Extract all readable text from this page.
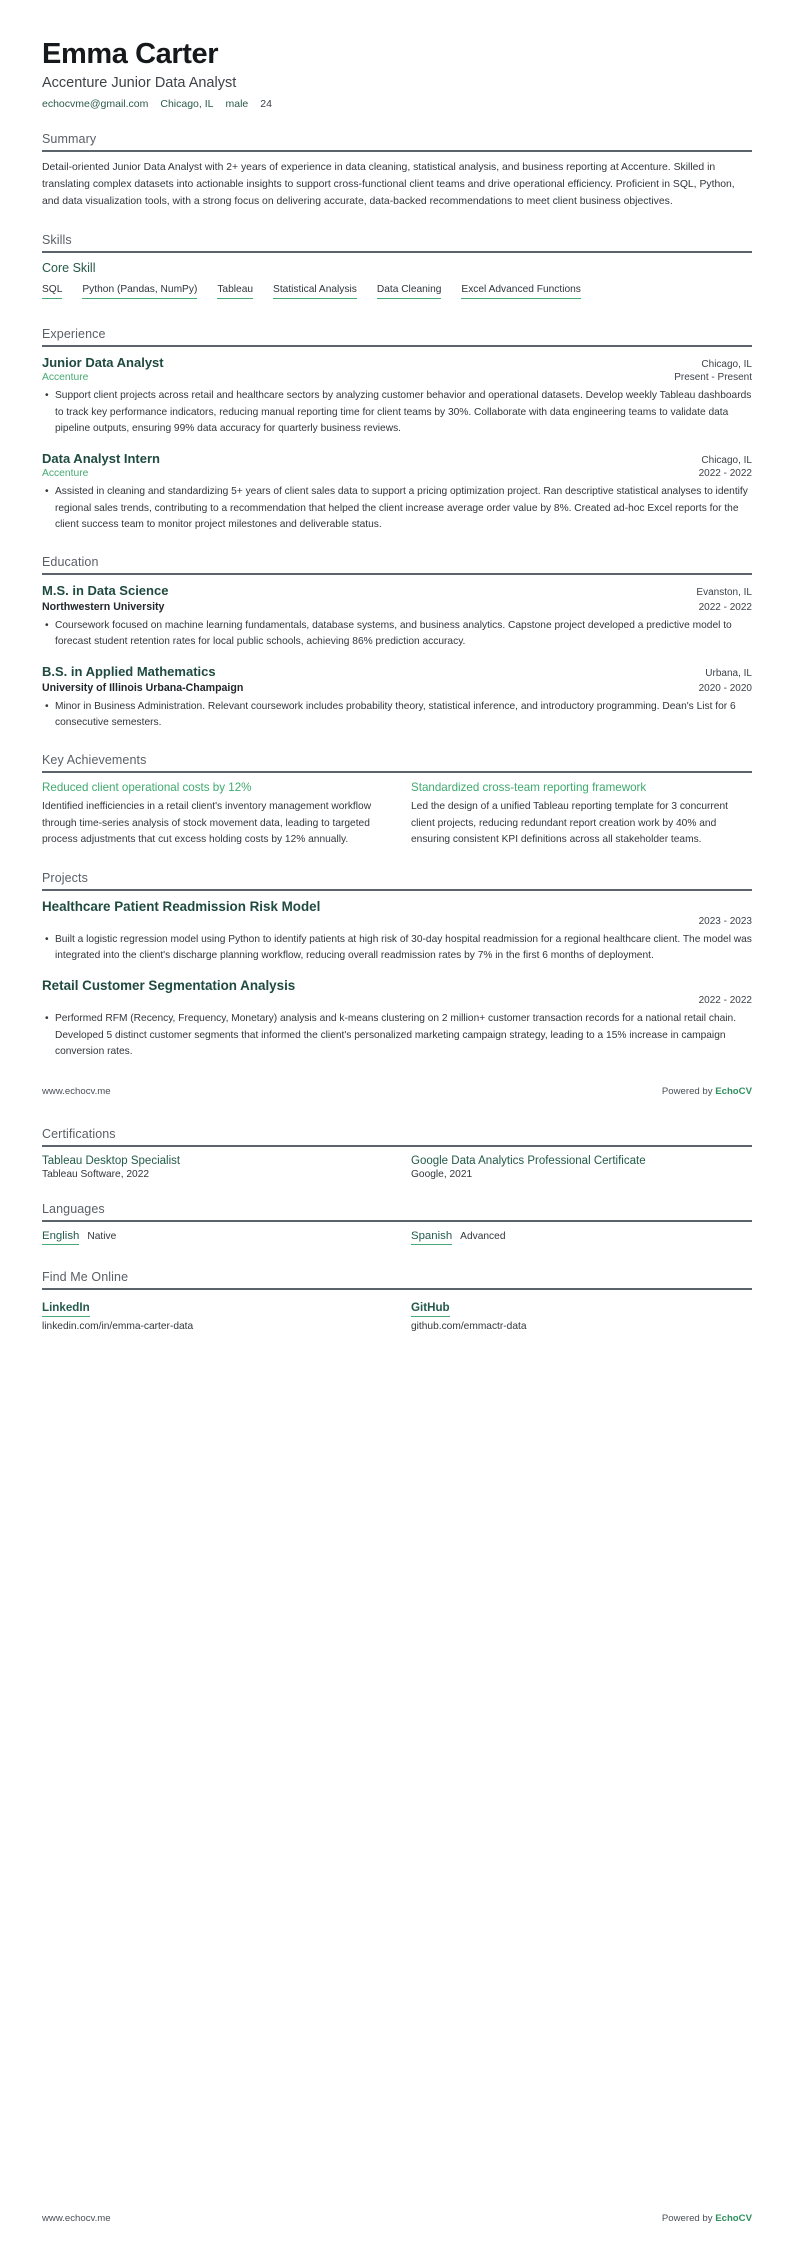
Emma Carter
Accenture Junior Data Analyst
echocvme@gmail.com Chicago, IL male 24
Summary

Detail-oriented Junior Data Analyst with 2+ years of experience in data cleaning, statistical analysis, and business reporting at Accenture. Skilled in translating complex datasets into actionable insights to support cross-functional client teams and drive operational efficiency. Proficient in SQL, Python, and data visualization tools, with a strong focus on delivering accurate, data-backed recommendations to meet client business objectives.

Skills
Core Skill
SQL Python (Pandas, NumPy) Tableau Statistical Analysis Data Cleaning Excel Advanced Functions
Experience
Junior Data Analyst	Chicago, IL
Accenture	Present - Present
• Support client projects across retail and healthcare sectors by analyzing customer behavior and operational datasets. Develop weekly Tableau dashboards to track key performance indicators, reducing manual reporting time for client teams by 30%. Collaborate with data engineering teams to validate data pipeline outputs, ensuring 99% data accuracy for quarterly business reviews.
Data Analyst Intern	Chicago, IL
Accenture	2022 - 2022
• Assisted in cleaning and standardizing 5+ years of client sales data to support a pricing optimization project. Ran descriptive statistical analyses to identify regional sales trends, contributing to a recommendation that helped the client increase average order value by 8%. Created ad-hoc Excel reports for the client success team to monitor project milestones and deliverable status.
Education
M.S. in Data Science	Evanston, IL
Northwestern University	2022 - 2022
• Coursework focused on machine learning fundamentals, database systems, and business analytics. Capstone project developed a predictive model to forecast student retention rates for local public schools, achieving 86% prediction accuracy.
B.S. in Applied Mathematics	Urbana, IL
University of Illinois Urbana-Champaign	2020 - 2020
• Minor in Business Administration. Relevant coursework includes probability theory, statistical inference, and introductory programming. Dean's List for 6 consecutive semesters.
Key Achievements
Reduced client operational costs by 12%
Identified inefficiencies in a retail client's inventory management workflow through time-series analysis of stock movement data, leading to targeted process adjustments that cut excess holding costs by 12% annually.
Standardized cross-team reporting framework
Led the design of a unified Tableau reporting template for 3 concurrent client projects, reducing redundant report creation work by 40% and ensuring consistent KPI definitions across all stakeholder teams.
Projects
Healthcare Patient Readmission Risk Model
2023 - 2023
• Built a logistic regression model using Python to identify patients at high risk of 30-day hospital readmission for a regional healthcare client. The model was integrated into the client's discharge planning workflow, reducing overall readmission rates by 7% in the first 6 months of deployment.
Retail Customer Segmentation Analysis
2022 - 2022
• Performed RFM (Recency, Frequency, Monetary) analysis and k-means clustering on 2 million+ customer transaction records for a national retail chain. Developed 5 distinct customer segments that informed the client's personalized marketing campaign strategy, leading to a 15% increase in campaign conversion rates.
www.echocv.me	Powered by EchoCV
Certifications
Tableau Desktop Specialist
Tableau Software, 2022
Google Data Analytics Professional Certificate
Google, 2021
Languages
English Native	Spanish Advanced
Find Me Online
LinkedIn
linkedin.com/in/emma-carter-data
GitHub
github.com/emmactr-data
www.echocv.me	Powered by EchoCV
